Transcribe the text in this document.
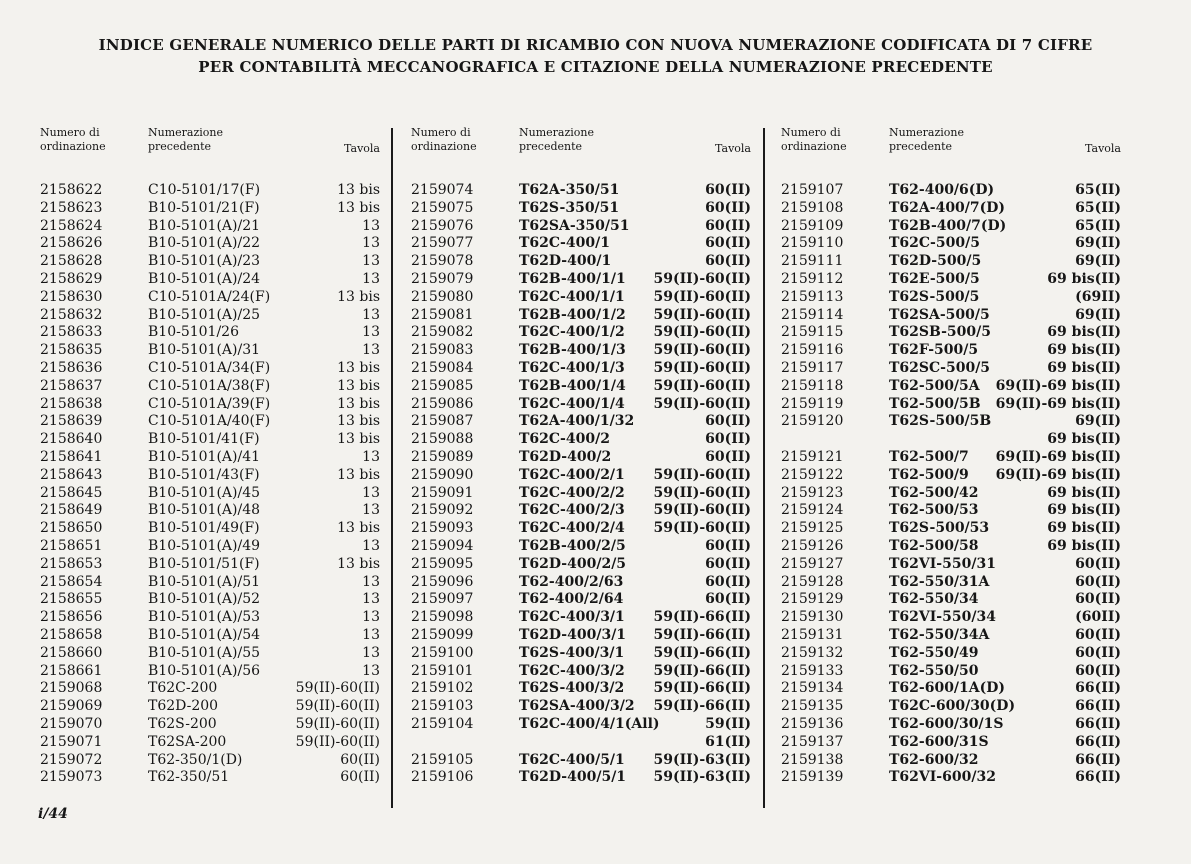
INDICE GENERALE NUMERICO DELLE PARTI DI RICAMBIO CON NUOVA NUMERAZIONE CODIFICATA DI 7 CIFRE
PER CONTABILITÀ MECCANOGRAFICA E CITAZIONE DELLA NUMERAZIONE PRECEDENTE
Numero di
ordinazione
Numerazione
precedente	Tavola
2158622	C10-5101/17(F)	13 bis
2158623	B10-5101/21(F)	13 bis
2158624	B10-5101(A)/21	13
2158626	B10-5101(A)/22	13
2158628	B10-5101(A)/23	13
2158629	B10-5101(A)/24	13
2158630	C10-5101A/24(F)	13 bis
2158632	B10-5101(A)/25	13
2158633	B10-5101/26	13
2158635	B10-5101(A)/31	13
2158636	C10-5101A/34(F)	13 bis
2158637	C10-5101A/38(F)	13 bis
2158638	C10-5101A/39(F)	13 bis
2158639	C10-5101A/40(F)	13 bis
2158640	B10-5101/41(F)	13 bis
2158641	B10-5101(A)/41	13
2158643	B10-5101/43(F)	13 bis
2158645	B10-5101(A)/45	13
2158649	B10-5101(A)/48	13
2158650	B10-5101/49(F)	13 bis
2158651	B10-5101(A)/49	13
2158653	B10-5101/51(F)	13 bis
2158654	B10-5101(A)/51	13
2158655	B10-5101(A)/52	13
2158656	B10-5101(A)/53	13
2158658	B10-5101(A)/54	13
2158660	B10-5101(A)/55	13
2158661	B10-5101(A)/56	13
2159068	T62C-200	59(II)-60(II)
2159069	T62D-200	59(II)-60(II)
2159070	T62S-200	59(II)-60(II)
2159071	T62SA-200	59(II)-60(II)
2159072	T62-350/1(D)	60(II)
2159073	T62-350/51	60(II)
Numero di
ordinazione
Numerazione
precedente	Tavola
2159074	T62A-350/51	60(II)
2159075	T62S-350/51	60(II)
2159076	T62SA-350/51	60(II)
2159077	T62C-400/1	60(II)
2159078	T62D-400/1	60(II)
2159079	T62B-400/1/1 59(II)-60(II)
2159080	T62C-400/1/1 59(II)-60(II)
2159081	T62B-400/1/2 59(II)-60(II)
2159082	T62C-400/1/2 59(II)-60(II)
2159083	T62B-400/1/3 59(II)-60(II)
2159084	T62C-400/1/3 59(II)-60(II)
2159085	T62B-400/1/4 59(II)-60(II)
2159086	T62C-400/1/4 59(II)-60(II)
2159087	T62A-400/1/32	60(II)
2159088	T62C-400/2	60(II)
2159089	T62D-400/2	60(II)
2159090	T62C-400/2/1 59(II)-60(II)
2159091	T62C-400/2/2 59(II)-60(II)
2159092	T62C-400/2/3 59(II)-60(II)
2159093	T62C-400/2/4 59(II)-60(II)
2159094	T62B-400/2/5	60(II)
2159095	T62D-400/2/5	60(II)
2159096	T62-400/2/63	60(II)
2159097	T62-400/2/64	60(II)
2159098	T62C-400/3/1 59(II)-66(II)
2159099	T62D-400/3/1 59(II)-66(II)
2159100	T62S-400/3/1 59(II)-66(II)
2159101	T62C-400/3/2 59(II)-66(II)
2159102	T62S-400/3/2 59(II)-66(II)
2159103	T62SA-400/3/2 59(II)-66(II)
2159104	T62C-400/4/1(All)	59(II)
61(II)
2159105	T62C-400/5/1 59(II)-63(II)
2159106	T62D-400/5/1 59(II)-63(II)
Numero di
ordinazione
Numerazione
precedente	Tavola
2159107	T62-400/6(D)	65(II)
2159108	T62A-400/7(D)	65(II)
2159109	T62B-400/7(D)	65(II)
2159110	T62C-500/5	69(II)
2159111	T62D-500/5	69(II)
2159112	T62E-500/5	69 bis(II)
2159113	T62S-500/5	(69II)
2159114	T62SA-500/5	69(II)
2159115	T62SB-500/5	69 bis(II)
2159116	T62F-500/5	69 bis(II)
2159117	T62SC-500/5	69 bis(II)
2159118	T62-500/5A 69(II)-69 bis(II)
2159119	T62-500/5B 69(II)-69 bis(II)
2159120	T62S-500/5B	69(II)
69 bis(II)
2159121	T62-500/7 69(II)-69 bis(II)
2159122	T62-500/9 69(II)-69 bis(II)
2159123	T62-500/42	69 bis(II)
2159124	T62-500/53	69 bis(II)
2159125	T62S-500/53	69 bis(II)
2159126	T62-500/58	69 bis(II)
2159127	T62VI-550/31	60(II)
2159128	T62-550/31A	60(II)
2159129	T62-550/34	60(II)
2159130	T62VI-550/34	(60II)
2159131	T62-550/34A	60(II)
2159132	T62-550/49	60(II)
2159133	T62-550/50	60(II)
2159134	T62-600/1A(D)	66(II)
2159135	T62C-600/30(D)	66(II)
2159136	T62-600/30/1S	66(II)
2159137	T62-600/31S	66(II)
2159138	T62-600/32	66(II)
2159139	T62VI-600/32	66(II)
i/44
